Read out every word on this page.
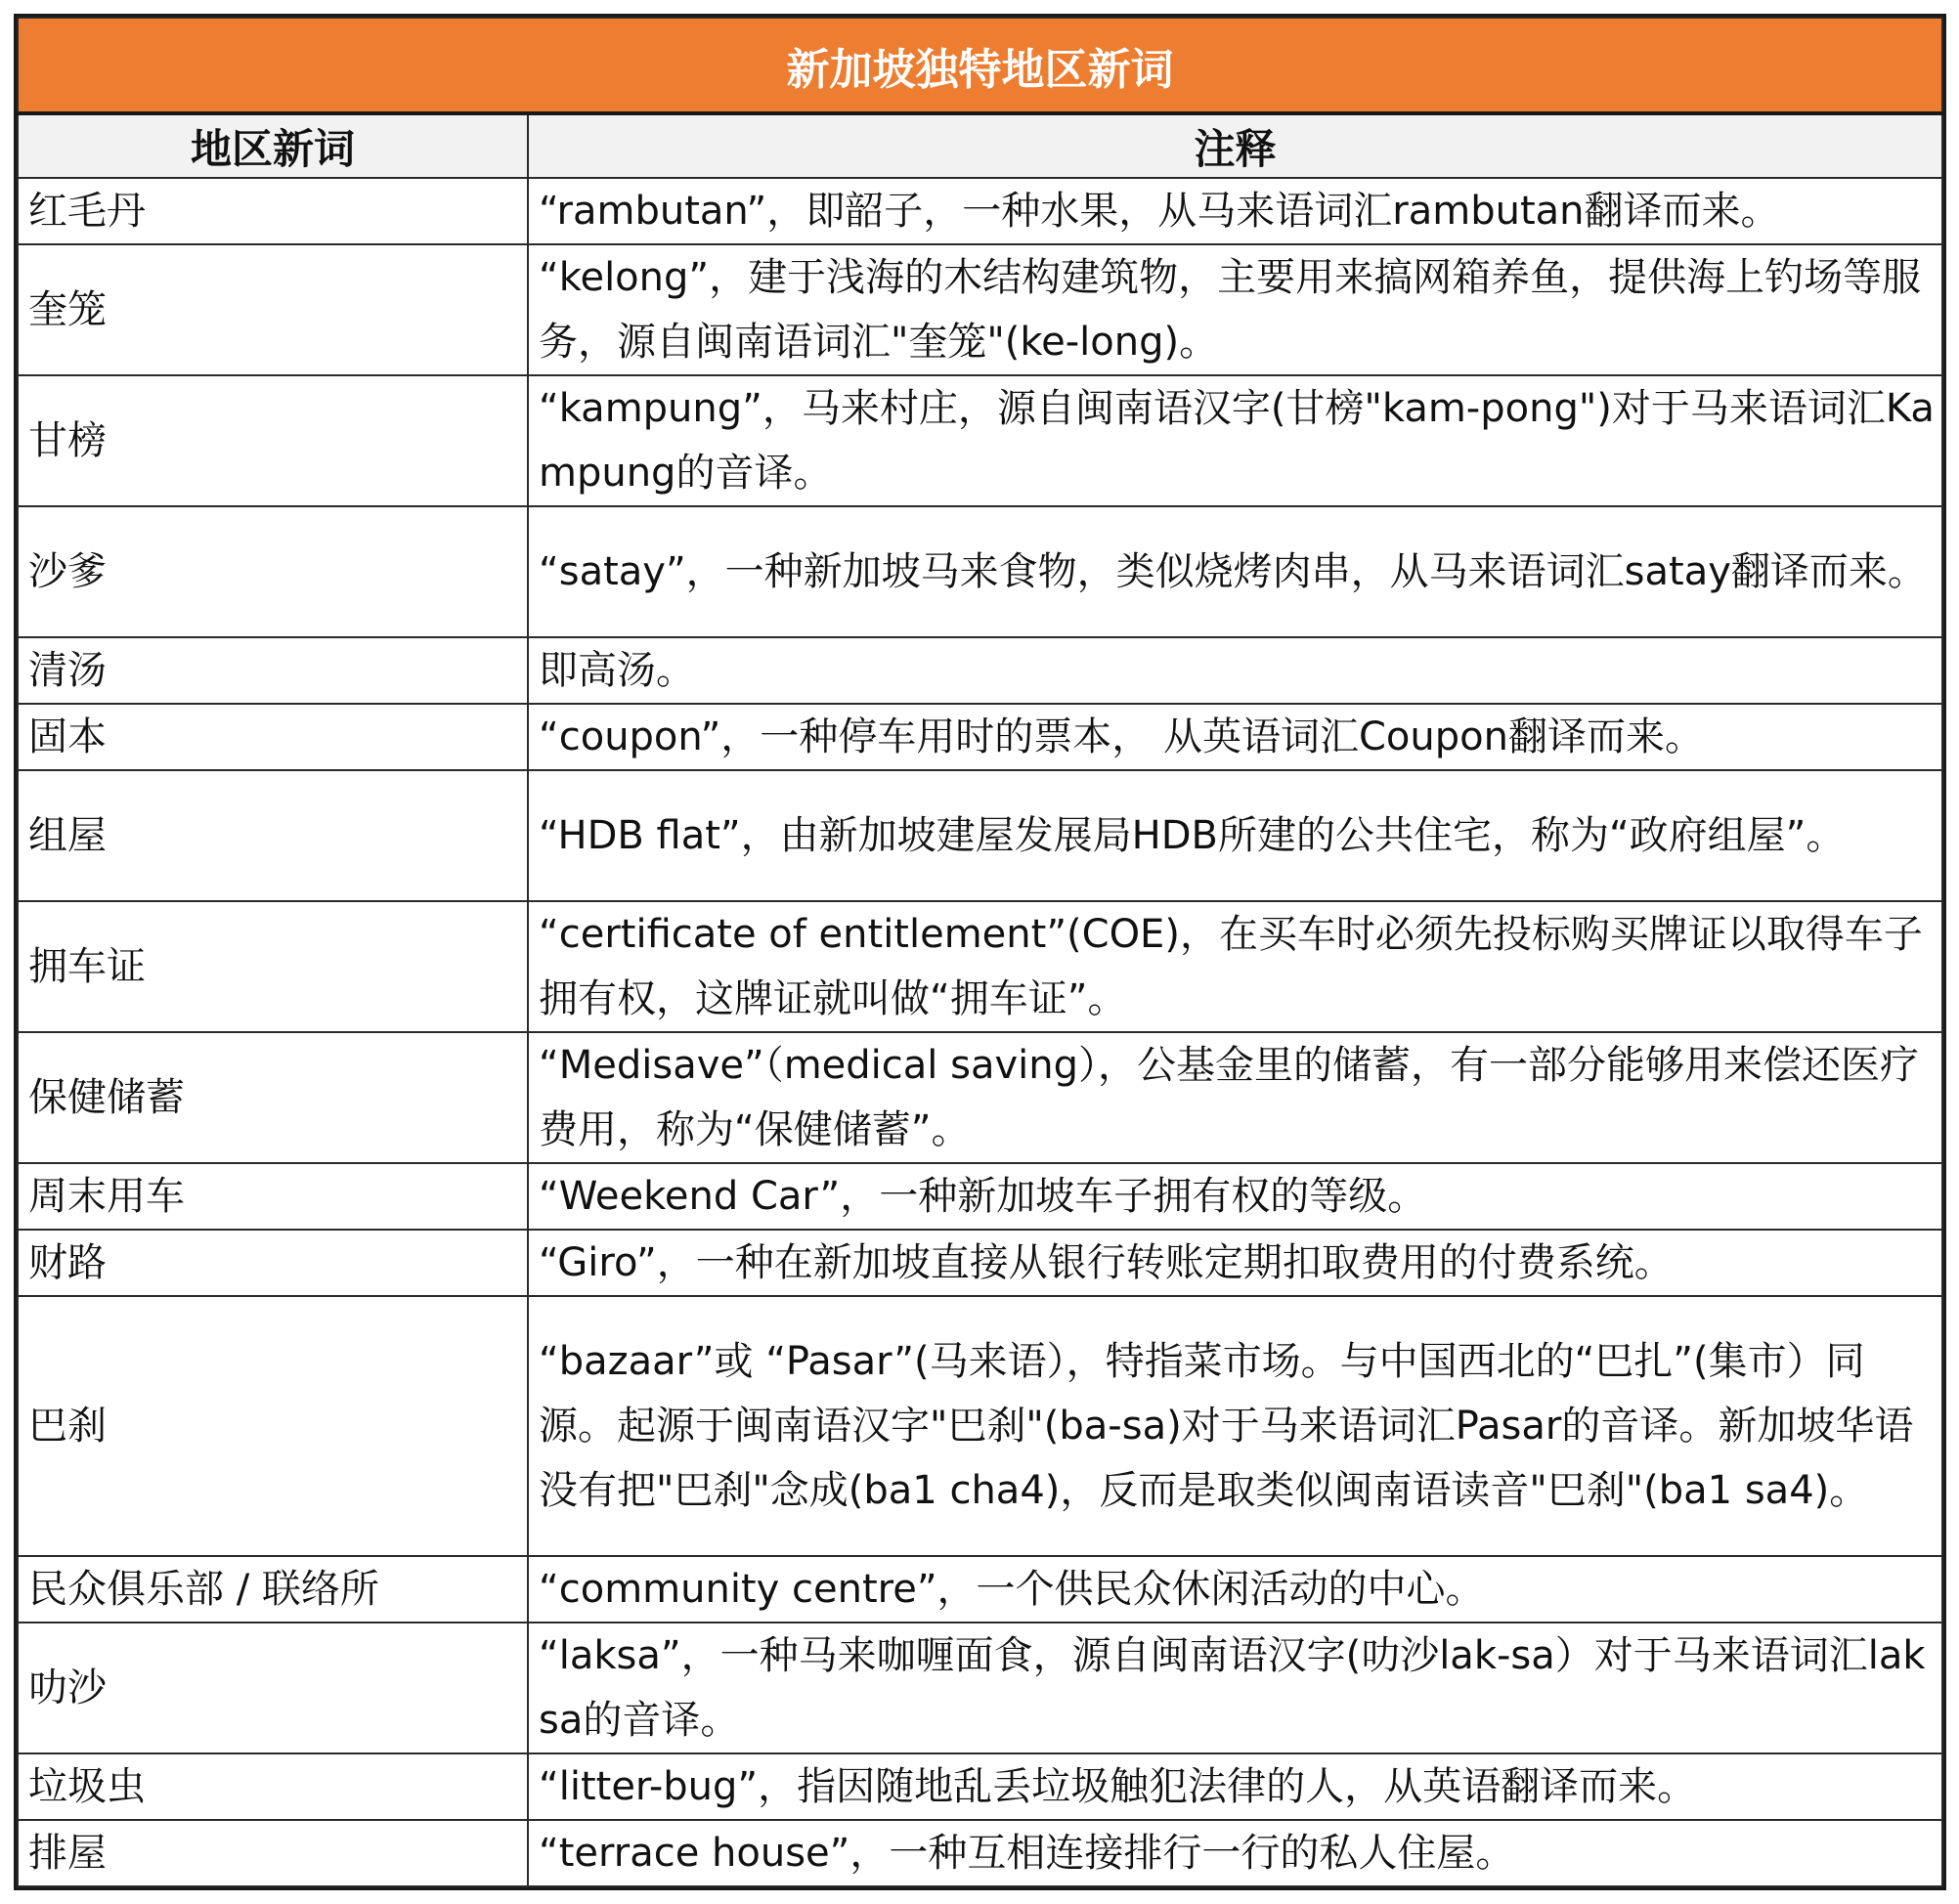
新加坡独特地区新词	
地区新词	注释
红毛丹	“rambutan”，即韶子，一种水果，从马来语词汇rambutan翻译而来。
奎笼	“kelong”，建于浅海的木结构建筑物，主要用来搞网箱养鱼，提供海上钓场等服务，源自闽南语词汇"奎笼"(ke-long)。
甘榜	“kampung”，马来村庄，源自闽南语汉字(甘榜"kam-pong")对于马来语词汇Kampung的音译。
沙爹	“satay”，一种新加坡马来食物，类似烧烤肉串，从马来语词汇satay翻译而来。
清汤	即高汤。
固本	“coupon”，一种停车用时的票本， 从英语词汇Coupon翻译而来。
组屋	“HDB flat”，由新加坡建屋发展局HDB所建的公共住宅，称为“政府组屋”。
拥车证	“certificate of entitlement”(COE)，在买车时必须先投标购买牌证以取得车子拥有权，这牌证就叫做“拥车证”。
保健储蓄	“Medisave”（medical saving），公基金里的储蓄，有一部分能够用来偿还医疗费用，称为“保健储蓄”。
周末用车	“Weekend Car”，一种新加坡车子拥有权的等级。
财路	“Giro”，一种在新加坡直接从银行转账定期扣取费用的付费系统。
巴刹	“bazaar”或 “Pasar”(马来语），特指菜市场。与中国西北的“巴扎”(集市）同源。起源于闽南语汉字"巴刹"(ba-sa)对于马来语词汇Pasar的音译。新加坡华语没有把"巴刹"念成(ba1 cha4)，反而是取类似闽南语读音"巴刹"(ba1 sa4)。
民众俱乐部 / 联络所	“community centre”，一个供民众休闲活动的中心。
叻沙	“laksa”，一种马来咖喱面食，源自闽南语汉字(叻沙lak-sa）对于马来语词汇laksa的音译。
垃圾虫	“litter-bug”，指因随地乱丢垃圾触犯法律的人，从英语翻译而来。
排屋	“terrace house”，一种互相连接排行一行的私人住屋。
